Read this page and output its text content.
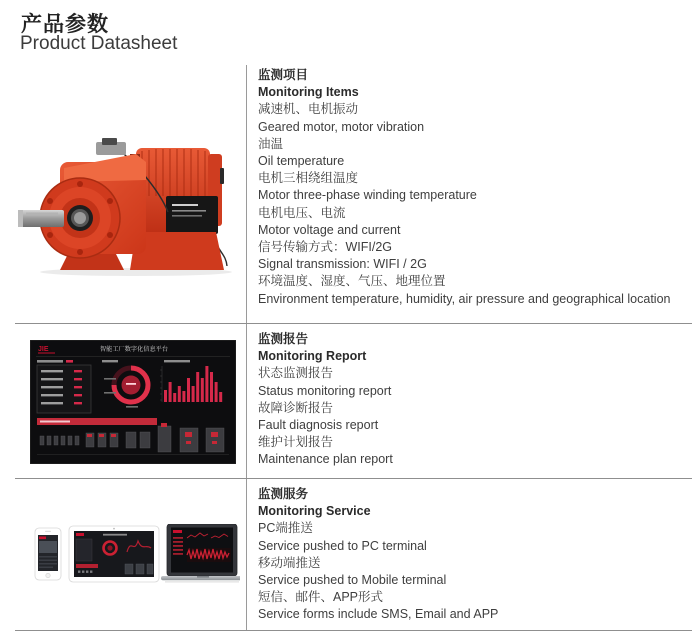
产品参数
Product Datasheet
JIE	智能工厂数字化信息平台
监测项目
Monitoring Items
减速机、电机振动
Geared motor, motor vibration
油温
Oil temperature
电机三相绕组温度
Motor three-phase winding temperature
电机电压、电流
Motor voltage and current
信号传输方式：WIFI/2G
Signal transmission: WIFI / 2G
环境温度、湿度、气压、地理位置
Environment temperature, humidity, air pressure and geographical location
监测报告
Monitoring Report
状态监测报告
Status monitoring report
故障诊断报告
Fault diagnosis report
维护计划报告
Maintenance plan report
监测服务
Monitoring Service
PC端推送
Service pushed to PC terminal
移动端推送
Service pushed to Mobile terminal
短信、邮件、APP形式
Service forms include SMS, Email and APP
